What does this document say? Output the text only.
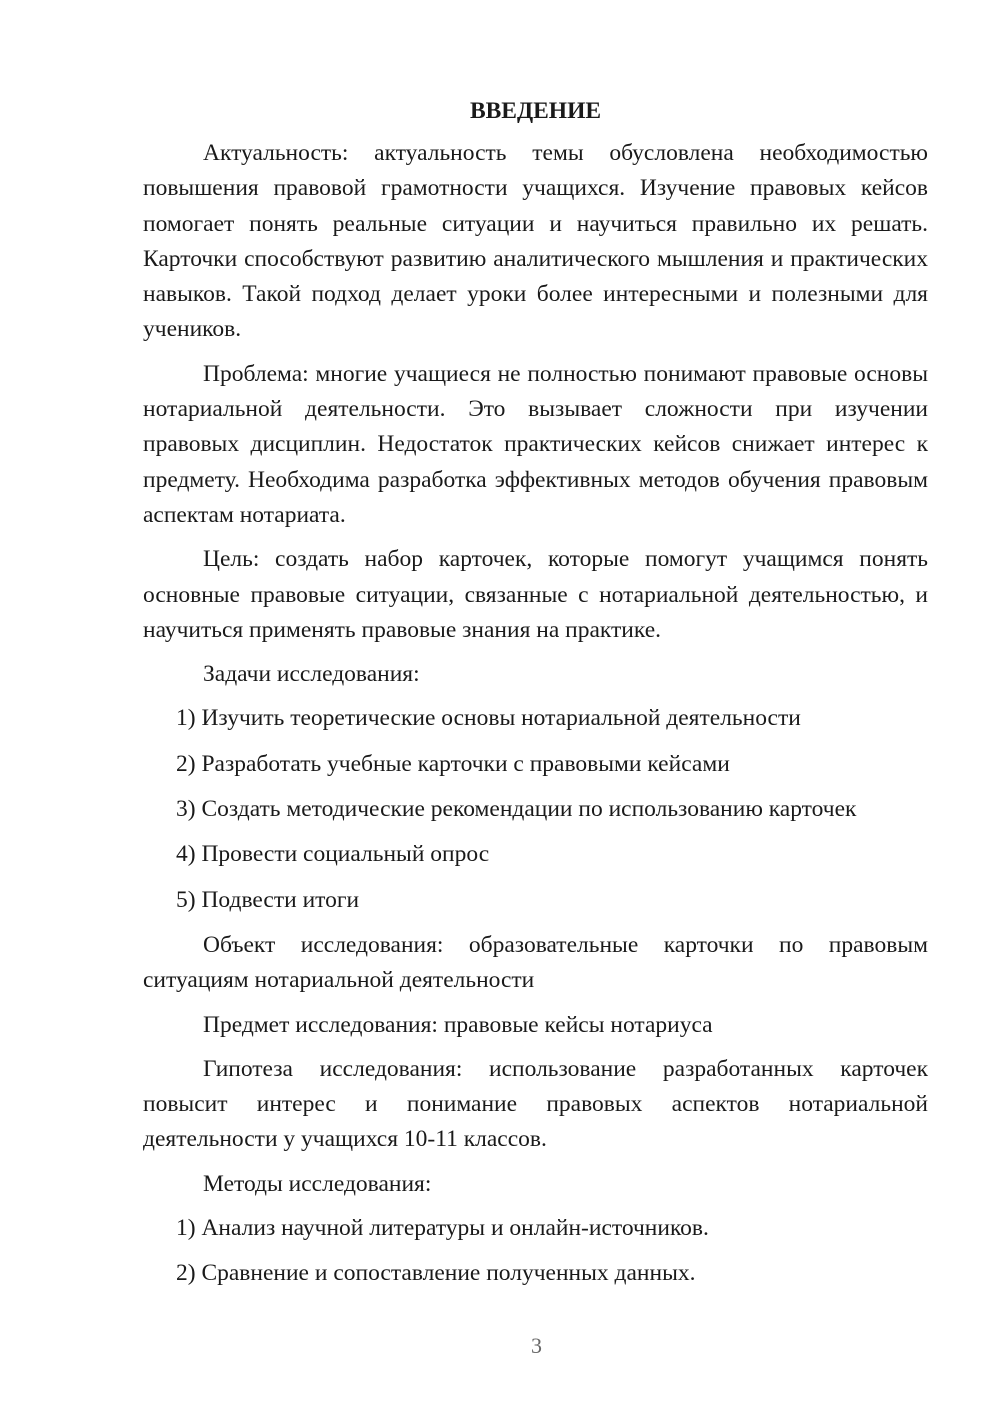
ВВЕДЕНИЕ

Актуальность: актуальность темы обусловлена необходимостью повышения правовой грамотности учащихся. Изучение правовых кейсов помогает понять реальные ситуации и научиться правильно их решать. Карточки способствуют развитию аналитического мышления и практических навыков. Такой подход делает уроки более интересными и полезными для учеников.

Проблема: многие учащиеся не полностью понимают правовые основы нотариальной деятельности. Это вызывает сложности при изучении правовых дисциплин. Недостаток практических кейсов снижает интерес к предмету. Необходима разработка эффективных методов обучения правовым аспектам нотариата.

Цель: создать набор карточек, которые помогут учащимся понять основные правовые ситуации, связанные с нотариальной деятельностью, и научиться применять правовые знания на практике.

Задачи исследования:

1) Изучить теоретические основы нотариальной деятельности
2) Разработать учебные карточки с правовыми кейсами
3) Создать методические рекомендации по использованию карточек
4) Провести социальный опрос
5) Подвести итоги

Объект исследования: образовательные карточки по правовым ситуациям нотариальной деятельности

Предмет исследования: правовые кейсы нотариуса

Гипотеза исследования: использование разработанных карточек повысит интерес и понимание правовых аспектов нотариальной деятельности у учащихся 10-11 классов.

Методы исследования:

1) Анализ научной литературы и онлайн-источников.
2) Сравнение и сопоставление полученных данных.
3
